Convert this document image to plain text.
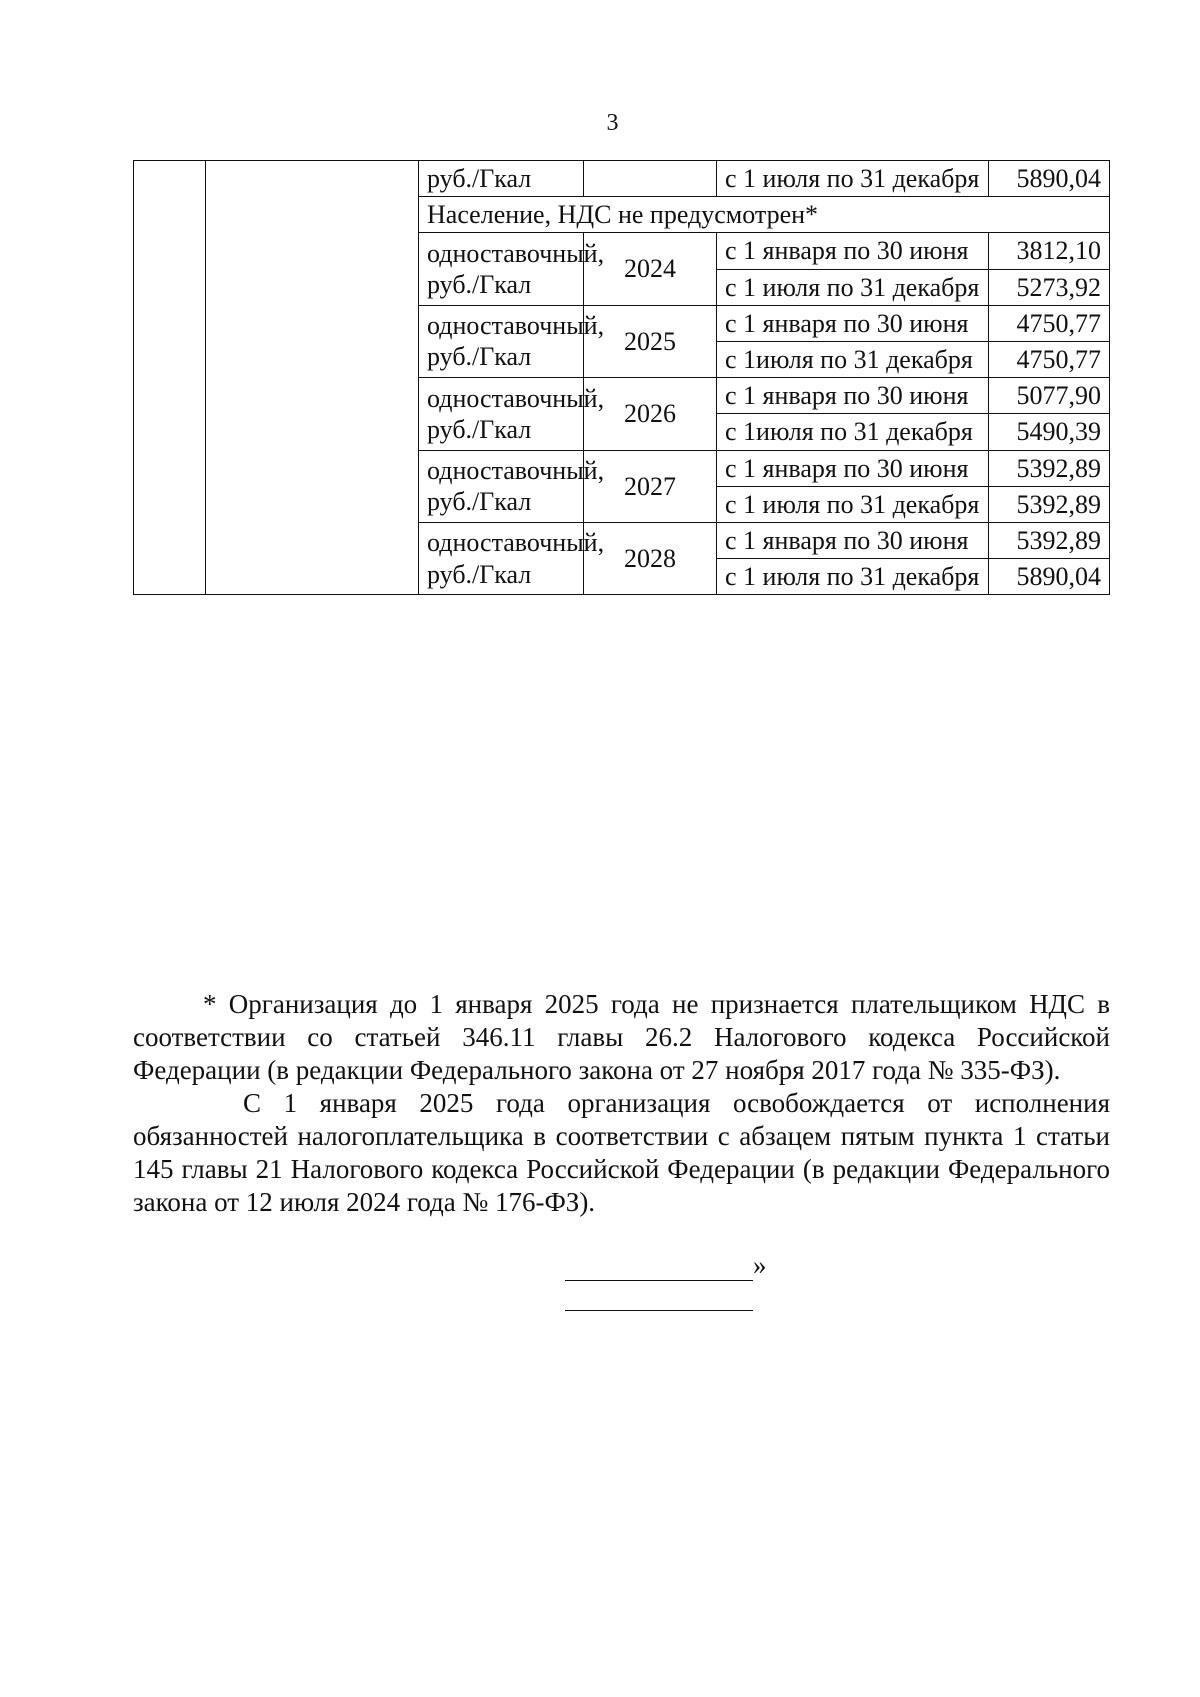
3
		руб./Гкал		с 1 июля по 31 декабря	5890,04
		Население, НДС не предусмотрен*			
		одноставочный, руб./Гкал	2024	с 1 января по 30 июня	3812,10
				с 1 июля по 31 декабря	5273,92
		одноставочный, руб./Гкал	2025	с 1 января по 30 июня	4750,77
				с 1июля по 31 декабря	4750,77
		одноставочный, руб./Гкал	2026	с 1 января по 30 июня	5077,90
				с 1июля по 31 декабря	5490,39
		одноставочный, руб./Гкал	2027	с 1 января по 30 июня	5392,89
				с 1 июля по 31 декабря	5392,89
		одноставочный, руб./Гкал	2028	с 1 января по 30 июня	5392,89
				с 1 июля по 31 декабря	5890,04

* Организация до 1 января 2025 года не признается плательщиком НДС в соответствии со статьей 346.11 главы 26.2 Налогового кодекса Российской Федерации (в редакции Федерального закона от 27 ноября 2017 года № 335-ФЗ).

С 1 января 2025 года организация освобождается от исполнения обязанностей налогоплательщика в соответствии с абзацем пятым пункта 1 статьи 145 главы 21 Налогового кодекса Российской Федерации (в редакции Федерального закона от 12 июля 2024 года № 176-ФЗ).

»
